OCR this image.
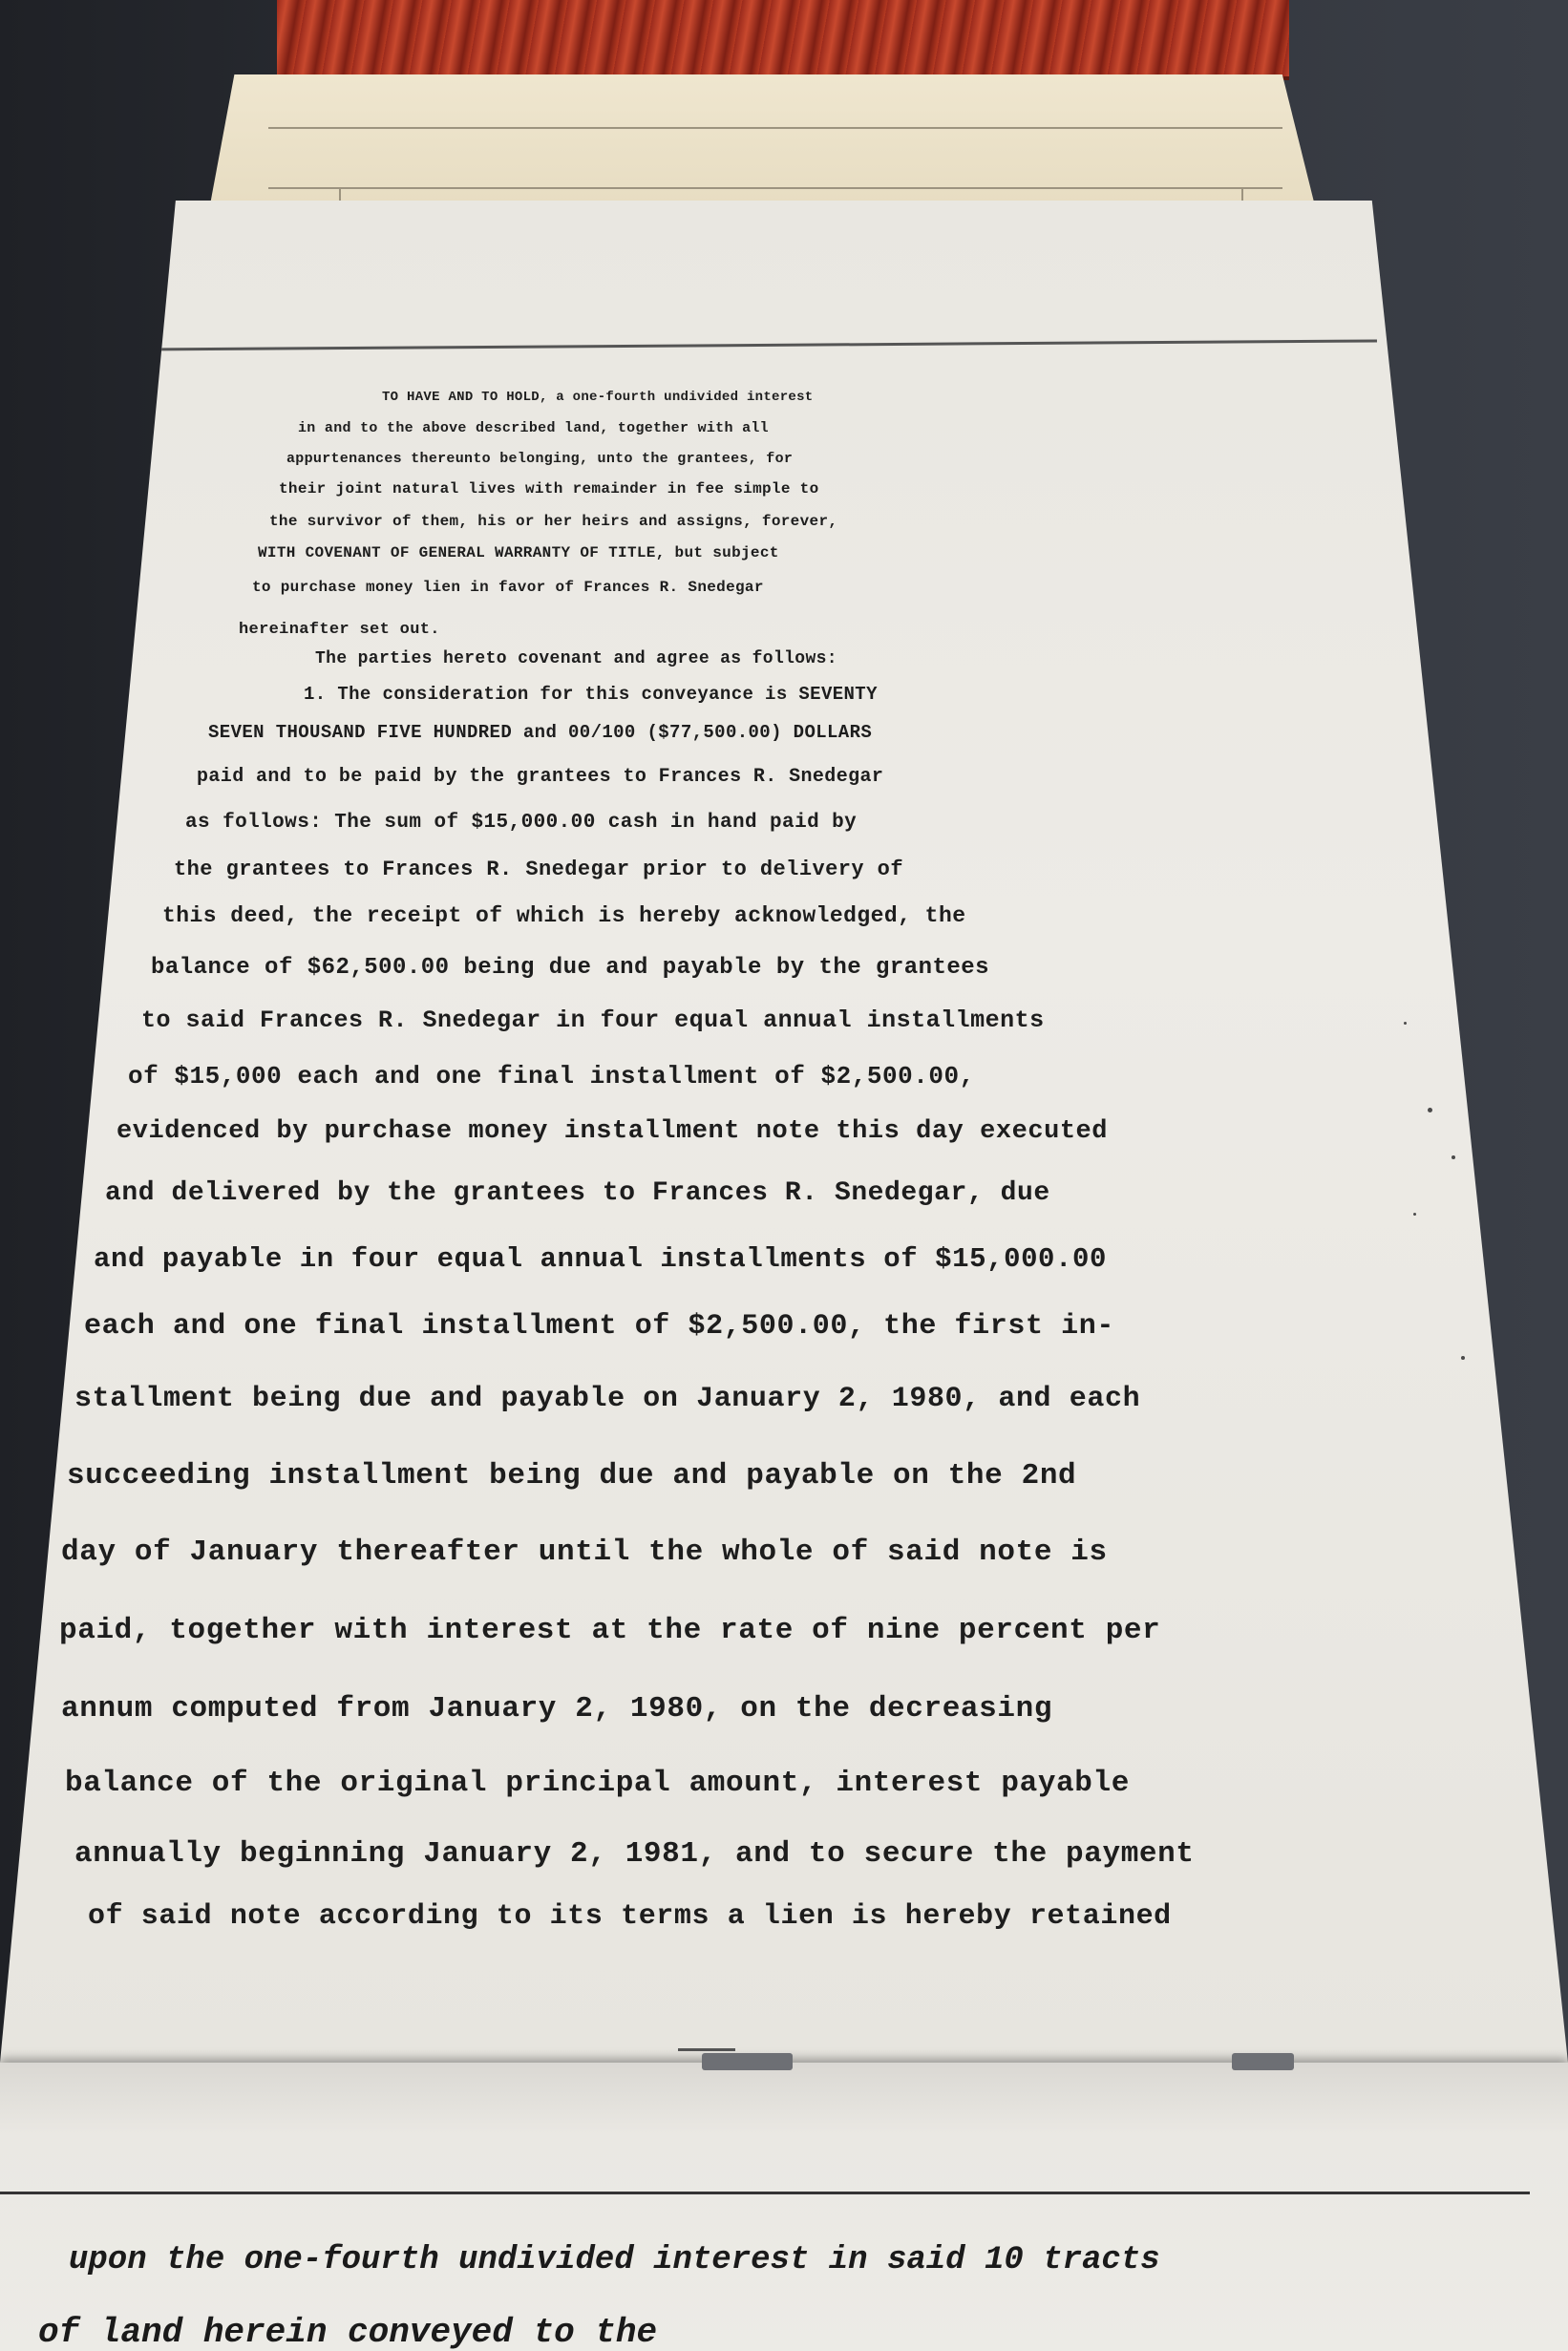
TO HAVE AND TO HOLD, a one-fourth undivided interest
in and to the above described land, together with all
appurtenances thereunto belonging, unto the grantees, for
their joint natural lives with remainder in fee simple to
the survivor of them, his or her heirs and assigns, forever,
WITH COVENANT OF GENERAL WARRANTY OF TITLE, but subject
to purchase money lien in favor of Frances R. Snedegar
hereinafter set out.
The parties hereto covenant and agree as follows:
1. The consideration for this conveyance is SEVENTY
SEVEN THOUSAND FIVE HUNDRED and 00/100 ($77,500.00) DOLLARS
paid and to be paid by the grantees to Frances R. Snedegar
as follows: The sum of $15,000.00 cash in hand paid by
the grantees to Frances R. Snedegar prior to delivery of
this deed, the receipt of which is hereby acknowledged, the
balance of $62,500.00 being due and payable by the grantees
to said Frances R. Snedegar in four equal annual installments
of $15,000 each and one final installment of $2,500.00,
evidenced by purchase money installment note this day executed
and delivered by the grantees to Frances R. Snedegar, due
and payable in four equal annual installments of $15,000.00
each and one final installment of $2,500.00, the first in-
stallment being due and payable on January 2, 1980, and each
succeeding installment being due and payable on the 2nd
day of January thereafter until the whole of said note is
paid, together with interest at the rate of nine percent per
annum computed from January 2, 1980, on the decreasing
balance of the original principal amount, interest payable
annually beginning January 2, 1981, and to secure the payment
of said note according to its terms a lien is hereby retained
upon the one-fourth undivided interest in said 10 tracts
of land herein conveyed to the
